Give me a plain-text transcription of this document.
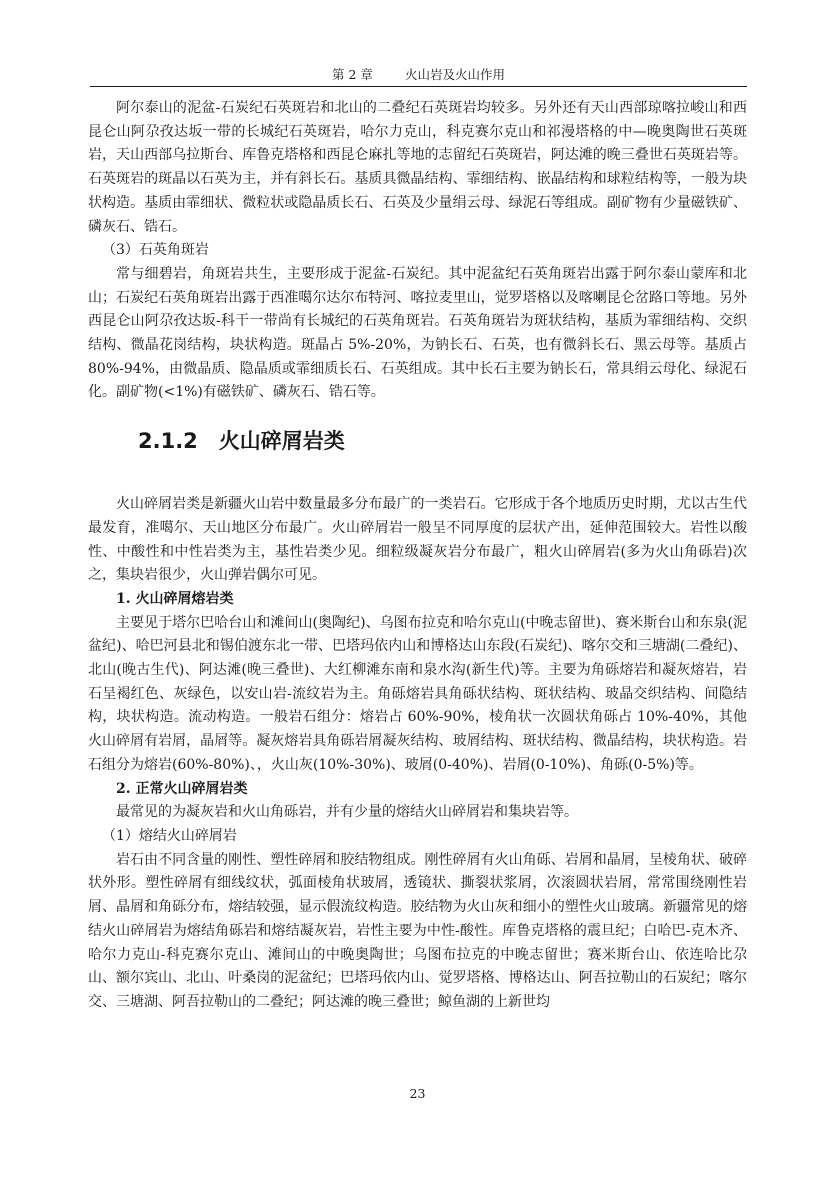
第 2 章	火山岩及火山作用

阿尔泰山的泥盆-石炭纪石英斑岩和北山的二叠纪石英斑岩均较多。另外还有天山西部琼喀拉峻山和西昆仑山阿尕孜达坂一带的长城纪石英斑岩，哈尔力克山，科克赛尔克山和祁漫塔格的中—晚奥陶世石英斑岩，天山西部乌拉斯台、库鲁克塔格和西昆仑麻扎等地的志留纪石英斑岩，阿达滩的晚三叠世石英斑岩等。石英斑岩的斑晶以石英为主，并有斜长石。基质具微晶结构、霏细结构、嵌晶结构和球粒结构等，一般为块状构造。基质由霏细状、微粒状或隐晶质长石、石英及少量绢云母、绿泥石等组成。副矿物有少量磁铁矿、磷灰石、锆石。

（3）石英角斑岩

常与细碧岩，角斑岩共生，主要形成于泥盆-石炭纪。其中泥盆纪石英角斑岩出露于阿尔泰山蒙库和北山；石炭纪石英角斑岩出露于西准噶尔达尔布特河、喀拉麦里山，觉罗塔格以及喀喇昆仑岔路口等地。另外西昆仑山阿尕孜达坂-科干一带尚有长城纪的石英角斑岩。石英角斑岩为斑状结构，基质为霏细结构、交织结构、微晶花岗结构，块状构造。斑晶占 5%-20%，为钠长石、石英，也有微斜长石、黑云母等。基质占 80%-94%，由微晶质、隐晶质或霏细质长石、石英组成。其中长石主要为钠长石，常具绢云母化、绿泥石化。副矿物(<1%)有磁铁矿、磷灰石、锆石等。

2.1.2　火山碎屑岩类

火山碎屑岩类是新疆火山岩中数量最多分布最广的一类岩石。它形成于各个地质历史时期，尤以古生代最发育，准噶尔、天山地区分布最广。火山碎屑岩一般呈不同厚度的层状产出，延伸范围较大。岩性以酸性、中酸性和中性岩类为主，基性岩类少见。细粒级凝灰岩分布最广，粗火山碎屑岩(多为火山角砾岩)次之，集块岩很少，火山弹岩偶尔可见。

1. 火山碎屑熔岩类

主要见于塔尔巴哈台山和滩间山(奥陶纪)、乌图布拉克和哈尔克山(中晚志留世)、赛米斯台山和东泉(泥盆纪)、哈巴河县北和锡伯渡东北一带、巴塔玛依内山和博格达山东段(石炭纪)、喀尔交和三塘湖(二叠纪)、北山(晚古生代)、阿达滩(晚三叠世)、大红柳滩东南和泉水沟(新生代)等。主要为角砾熔岩和凝灰熔岩，岩石呈褐红色、灰绿色，以安山岩-流纹岩为主。角砾熔岩具角砾状结构、斑状结构、玻晶交织结构、间隐结构，块状构造。流动构造。一般岩石组分：熔岩占 60%-90%，棱角状一次圆状角砾占 10%-40%，其他火山碎屑有岩屑，晶屑等。凝灰熔岩具角砾岩屑凝灰结构、玻屑结构、斑状结构、微晶结构，块状构造。岩石组分为熔岩(60%-80%)、，火山灰(10%-30%)、玻屑(0-40%)、岩屑(0-10%)、角砾(0-5%)等。

2. 正常火山碎屑岩类

最常见的为凝灰岩和火山角砾岩，并有少量的熔结火山碎屑岩和集块岩等。

（1）熔结火山碎屑岩

岩石由不同含量的刚性、塑性碎屑和胶结物组成。刚性碎屑有火山角砾、岩屑和晶屑，呈棱角状、破碎状外形。塑性碎屑有细线纹状，弧面棱角状玻屑，透镜状、撕裂状浆屑，次滚圆状岩屑，常常围绕刚性岩屑、晶屑和角砾分布，熔结较强，显示假流纹构造。胶结物为火山灰和细小的塑性火山玻璃。新疆常见的熔结火山碎屑岩为熔结角砾岩和熔结凝灰岩，岩性主要为中性-酸性。库鲁克塔格的震旦纪；白哈巴-克木齐、哈尔力克山-科克赛尔克山、滩间山的中晚奥陶世；乌图布拉克的中晚志留世；赛米斯台山、依连哈比尕山、额尔宾山、北山、叶桑岗的泥盆纪；巴塔玛依内山、觉罗塔格、博格达山、阿吾拉勒山的石炭纪；喀尔交、三塘湖、阿吾拉勒山的二叠纪；阿达滩的晚三叠世；鲸鱼湖的上新世均

23
